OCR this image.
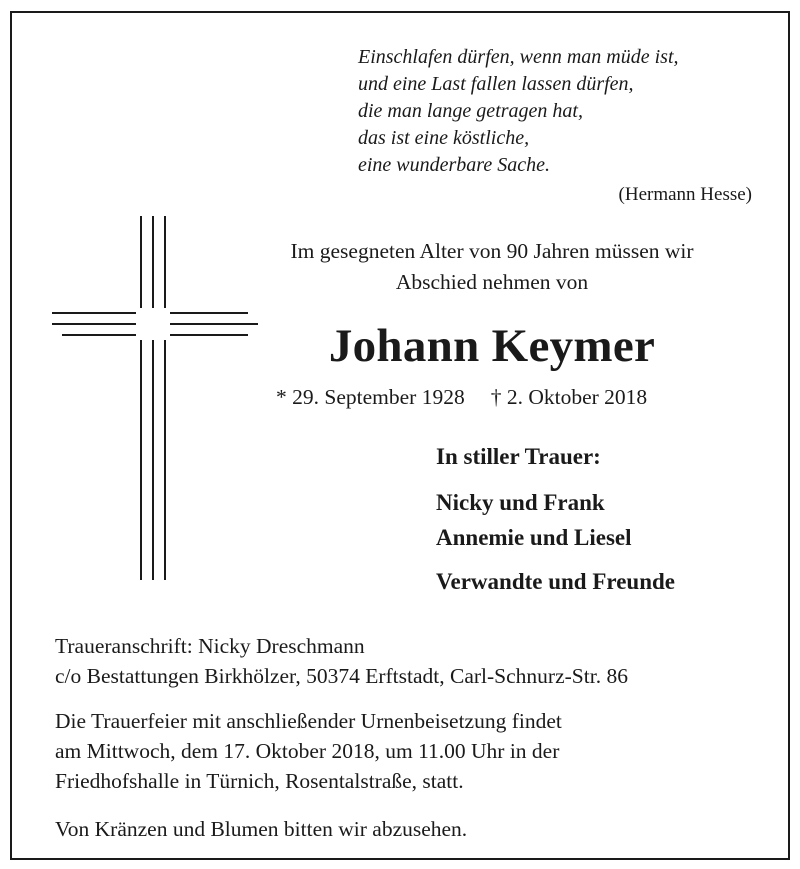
Einschlafen dürfen, wenn man müde ist,
und eine Last fallen lassen dürfen,
die man lange getragen hat,
das ist eine köstliche,
eine wunderbare Sache.
(Hermann Hesse)
Im gesegneten Alter von 90 Jahren müssen wir
Abschied nehmen von
Johann Keymer
* 29. September 1928 † 2. Oktober 2018
In stiller Trauer:
Nicky und Frank
Annemie und Liesel
Verwandte und Freunde
Traueranschrift: Nicky Dreschmann
c/o Bestattungen Birkhölzer, 50374 Erftstadt, Carl-Schnurz-Str. 86
Die Trauerfeier mit anschließender Urnenbeisetzung findet
am Mittwoch, dem 17. Oktober 2018, um 11.00 Uhr in der
Friedhofshalle in Türnich, Rosentalstraße, statt.
Von Kränzen und Blumen bitten wir abzusehen.
